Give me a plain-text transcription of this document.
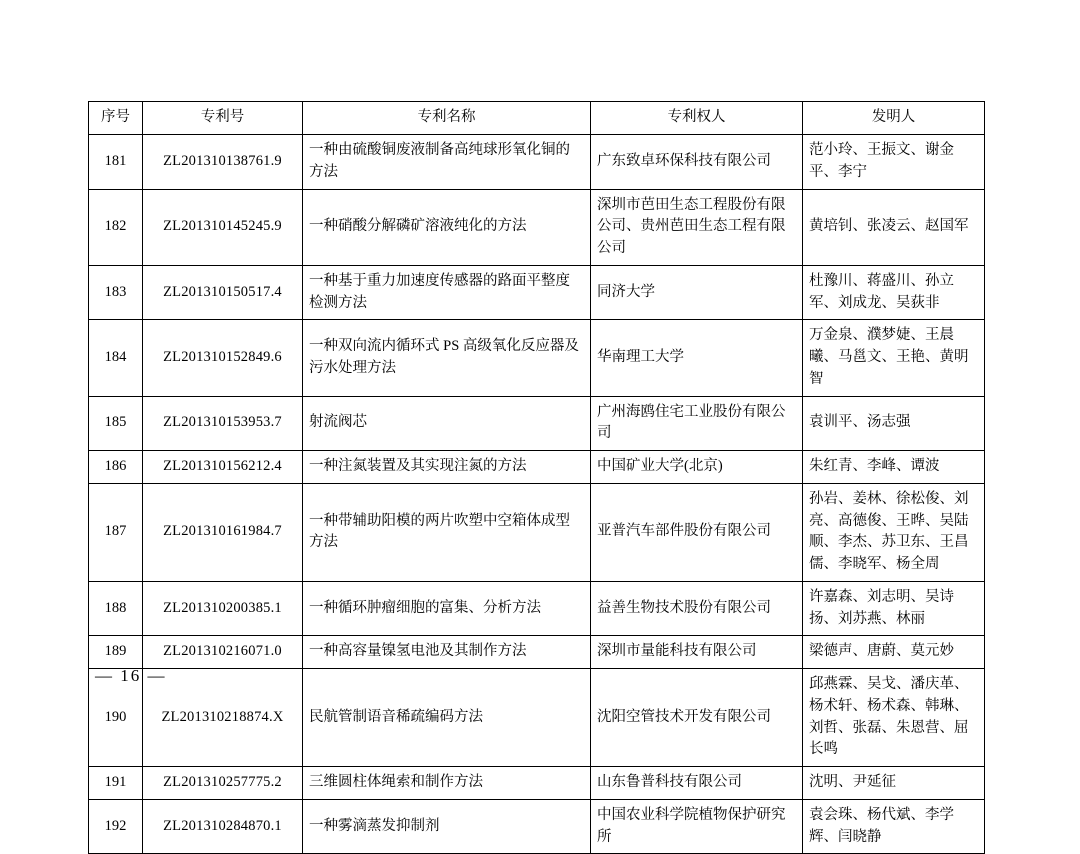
序号	专利号	专利名称	专利权人	发明人
181	ZL201310138761.9	一种由硫酸铜废液制备高纯球形氧化铜的方法	广东致卓环保科技有限公司	范小玲、王振文、谢金平、李宁
182	ZL201310145245.9	一种硝酸分解磷矿溶液纯化的方法	深圳市芭田生态工程股份有限公司、贵州芭田生态工程有限公司	黄培钊、张凌云、赵国军
183	ZL201310150517.4	一种基于重力加速度传感器的路面平整度检测方法	同济大学	杜豫川、蒋盛川、孙立军、刘成龙、吴荻非
184	ZL201310152849.6	一种双向流内循环式 PS 高级氧化反应器及污水处理方法	华南理工大学	万金泉、濮梦婕、王晨曦、马邕文、王艳、黄明智
185	ZL201310153953.7	射流阀芯	广州海鸥住宅工业股份有限公司	袁训平、汤志强
186	ZL201310156212.4	一种注氮装置及其实现注氮的方法	中国矿业大学(北京)	朱红青、李峰、谭波
187	ZL201310161984.7	一种带辅助阳模的两片吹塑中空箱体成型方法	亚普汽车部件股份有限公司	孙岩、姜林、徐松俊、刘亮、高德俊、王晔、吴陆顺、李杰、苏卫东、王昌儒、李晓军、杨全周
188	ZL201310200385.1	一种循环肿瘤细胞的富集、分析方法	益善生物技术股份有限公司	许嘉森、刘志明、吴诗扬、刘苏燕、林丽
189	ZL201310216071.0	一种高容量镍氢电池及其制作方法	深圳市量能科技有限公司	梁德声、唐蔚、莫元妙
190	ZL201310218874.X	民航管制语音稀疏编码方法	沈阳空管技术开发有限公司	邱燕霖、吴戈、潘庆革、杨术轩、杨术森、韩琳、刘哲、张磊、朱恩营、屈长鸣
191	ZL201310257775.2	三维圆柱体绳索和制作方法	山东鲁普科技有限公司	沈明、尹延征
192	ZL201310284870.1	一种雾滴蒸发抑制剂	中国农业科学院植物保护研究所	袁会珠、杨代斌、李学辉、闫晓静
— 16 —
